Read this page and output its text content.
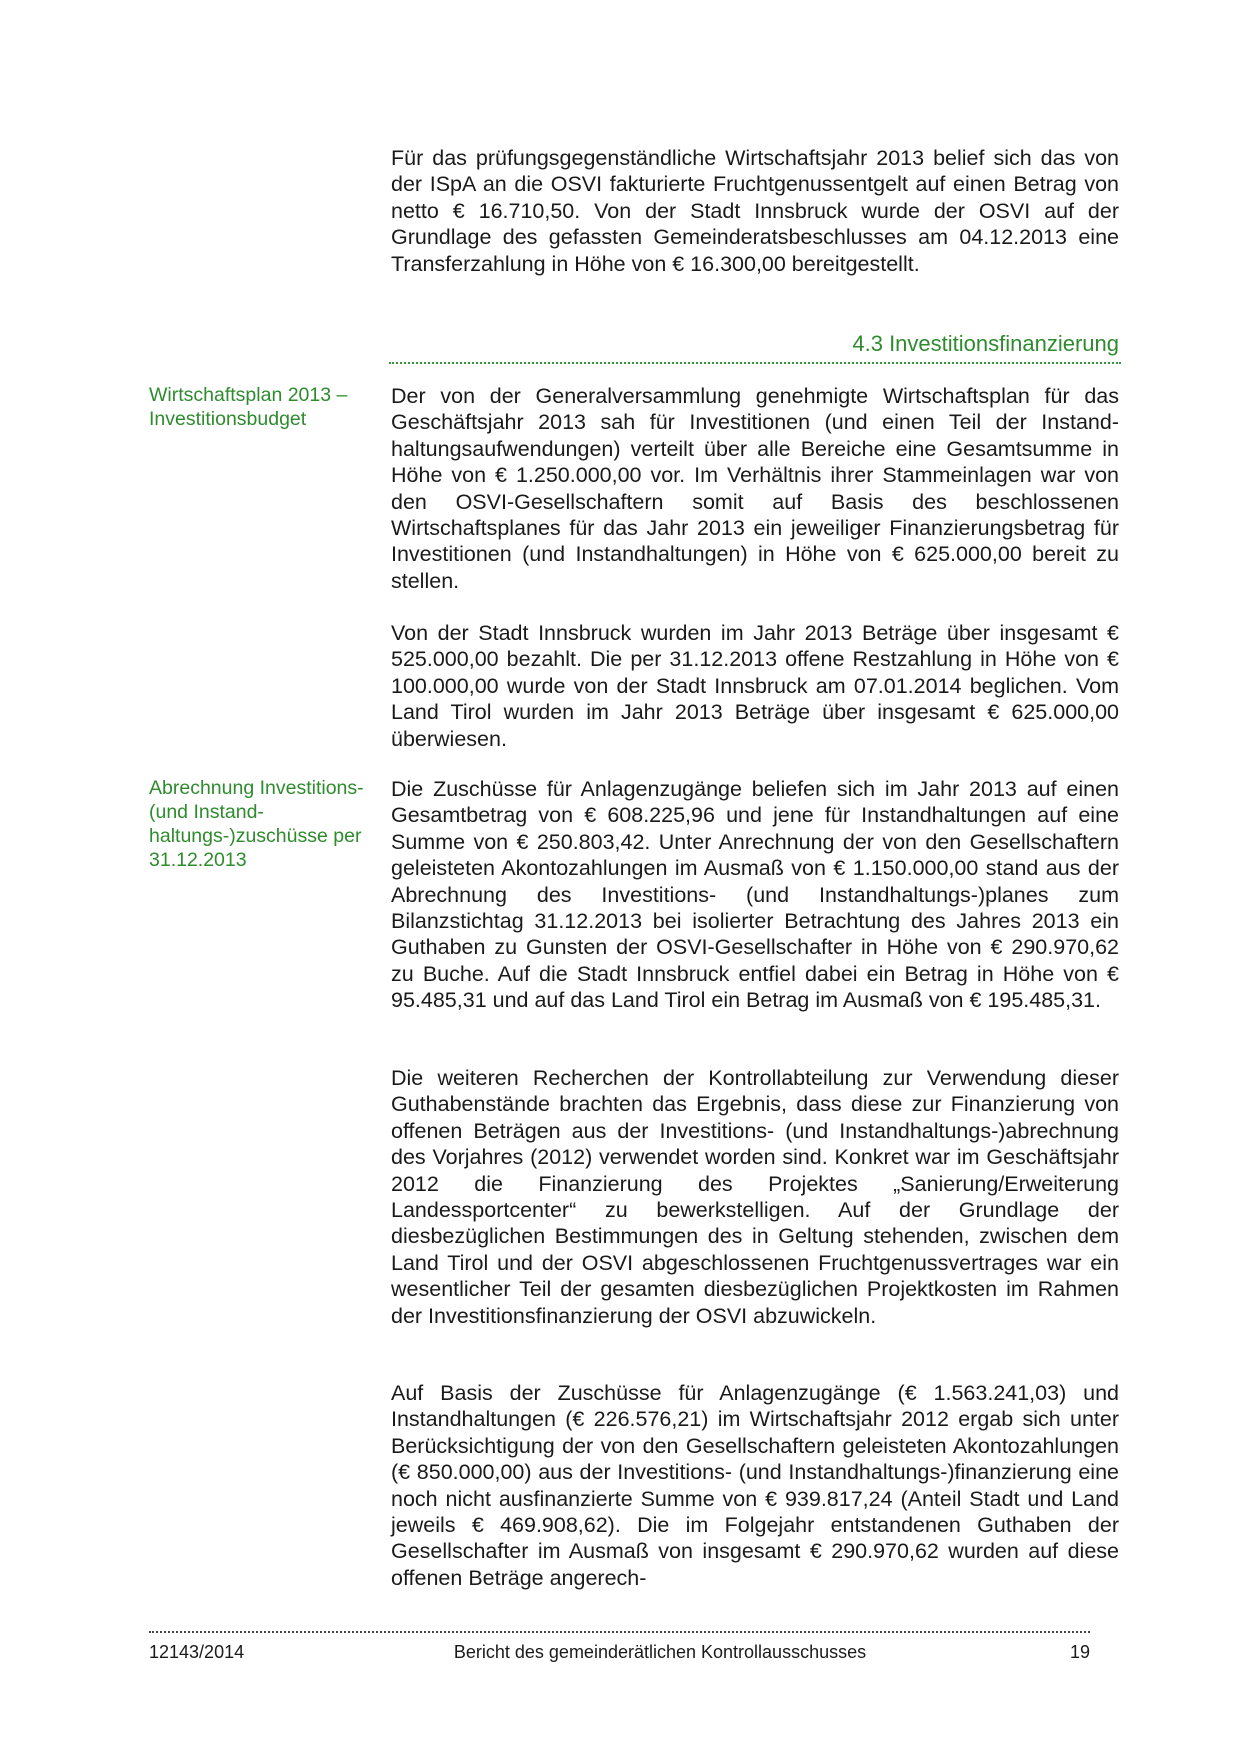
Für das prüfungsgegenständliche Wirtschaftsjahr 2013 belief sich das von der ISpA an die OSVI fakturierte Fruchtgenussentgelt auf einen Betrag von netto € 16.710,50. Von der Stadt Innsbruck wurde der OSVI auf der Grundlage des gefassten Gemeinderatsbeschlusses am 04.12.2013 eine Transferzahlung in Höhe von € 16.300,00 bereitgestellt.
4.3 Investitionsfinanzierung
Wirtschaftsplan 2013 – Investitionsbudget
Der von der Generalversammlung genehmigte Wirtschaftsplan für das Geschäftsjahr 2013 sah für Investitionen (und einen Teil der Instandhaltungsaufwendungen) verteilt über alle Bereiche eine Gesamtsumme in Höhe von € 1.250.000,00 vor. Im Verhältnis ihrer Stammeinlagen war von den OSVI-Gesellschaftern somit auf Basis des beschlossenen Wirtschaftsplanes für das Jahr 2013 ein jeweiliger Finanzierungsbetrag für Investitionen (und Instandhaltungen) in Höhe von € 625.000,00 bereit zu stellen.
Von der Stadt Innsbruck wurden im Jahr 2013 Beträge über insgesamt € 525.000,00 bezahlt. Die per 31.12.2013 offene Restzahlung in Höhe von € 100.000,00 wurde von der Stadt Innsbruck am 07.01.2014 beglichen. Vom Land Tirol wurden im Jahr 2013 Beträge über insgesamt € 625.000,00 überwiesen.
Abrechnung Investitions- (und Instandhaltungs-)zuschüsse per 31.12.2013
Die Zuschüsse für Anlagenzugänge beliefen sich im Jahr 2013 auf einen Gesamtbetrag von € 608.225,96 und jene für Instandhaltungen auf eine Summe von € 250.803,42. Unter Anrechnung der von den Gesellschaftern geleisteten Akontozahlungen im Ausmaß von € 1.150.000,00 stand aus der Abrechnung des Investitions- (und Instandhaltungs-)planes zum Bilanzstichtag 31.12.2013 bei isolierter Betrachtung des Jahres 2013 ein Guthaben zu Gunsten der OSVI-Gesellschafter in Höhe von € 290.970,62 zu Buche. Auf die Stadt Innsbruck entfiel dabei ein Betrag in Höhe von € 95.485,31 und auf das Land Tirol ein Betrag im Ausmaß von € 195.485,31.
Die weiteren Recherchen der Kontrollabteilung zur Verwendung dieser Guthabenstände brachten das Ergebnis, dass diese zur Finanzierung von offenen Beträgen aus der Investitions- (und Instandhaltungs-)abrechnung des Vorjahres (2012) verwendet worden sind. Konkret war im Geschäftsjahr 2012 die Finanzierung des Projektes „Sanierung/Erweiterung Landessportcenter“ zu bewerkstelligen. Auf der Grundlage der diesbezüglichen Bestimmungen des in Geltung stehenden, zwischen dem Land Tirol und der OSVI abgeschlossenen Fruchtgenussvertrages war ein wesentlicher Teil der gesamten diesbezüglichen Projektkosten im Rahmen der Investitionsfinanzierung der OSVI abzuwickeln.
Auf Basis der Zuschüsse für Anlagenzugänge (€ 1.563.241,03) und Instandhaltungen (€ 226.576,21) im Wirtschaftsjahr 2012 ergab sich unter Berücksichtigung der von den Gesellschaftern geleisteten Akontozahlungen (€ 850.000,00) aus der Investitions- (und Instandhaltungs-)finanzierung eine noch nicht ausfinanzierte Summe von € 939.817,24 (Anteil Stadt und Land jeweils € 469.908,62). Die im Folgejahr entstandenen Guthaben der Gesellschafter im Ausmaß von insgesamt € 290.970,62 wurden auf diese offenen Beträge angerech-
12143/2014	Bericht des gemeinderätlichen Kontrollausschusses	19
